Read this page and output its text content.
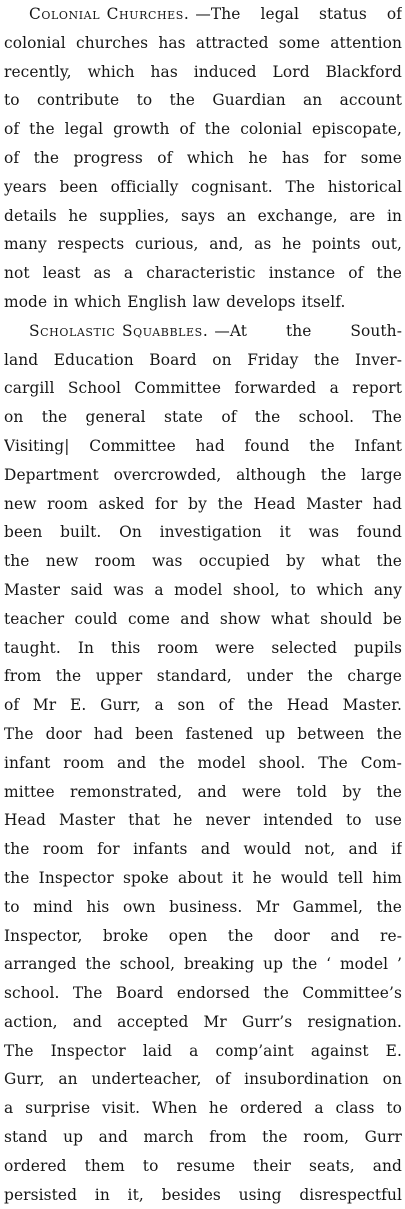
Colonial Churches. —The legal status of
colonial churches has attracted some attention
recently, which has induced Lord Blackford
to contribute to the Guardian an account
of the legal growth of the colonial episcopate,
of the progress of which he has for some
years been officially cognisant. The historical
details he supplies, says an exchange, are in
many respects curious, and, as he points out,
not least as a characteristic instance of the
mode in which English law develops itself.
Scholastic Squabbles. —At the South-
land Education Board on Friday the Inver-
cargill School Committee forwarded a report
on the general state of the school. The
Visiting| Committee had found the Infant
Department overcrowded, although the large
new room asked for by the Head Master had
been built. On investigation it was found
the new room was occupied by what the
Master said was a model shool, to which any
teacher could come and show what should be
taught. In this room were selected pupils
from the upper standard, under the charge
of Mr E. Gurr, a son of the Head Master.
The door had been fastened up between the
infant room and the model shool. The Com-
mittee remonstrated, and were told by the
Head Master that he never intended to use
the room for infants and would not, and if
the Inspector spoke about it he would tell him
to mind his own business. Mr Gammel, the
Inspector, broke open the door and re-
arranged the school, breaking up the ‘ model ’
school. The Board endorsed the Committee’s
action, and accepted Mr Gurr’s resignation.
The Inspector laid a comp’aint against E.
Gurr, an underteacher, of insubordination on
a surprise visit. When he ordered a class to
stand up and march from the room, Gurr
ordered them to resume their seats, and
persisted in it, besides using disrespectful
